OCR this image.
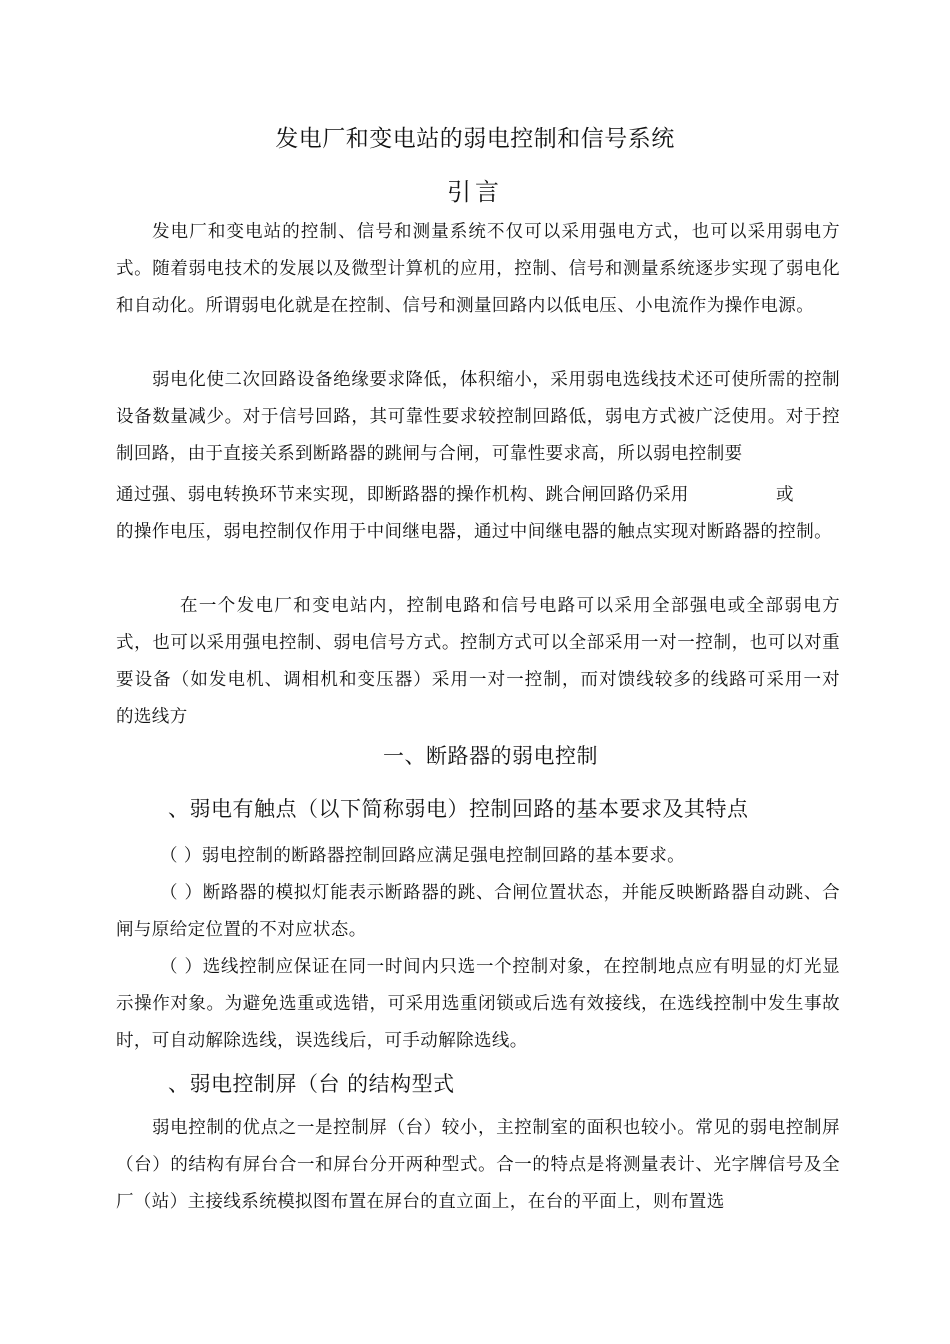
发电厂和变电站的弱电控制和信号系统
引言
发电厂和变电站的控制、信号和测量系统不仅可以采用强电方式，也可以采用弱电方式。随着弱电技术的发展以及微型计算机的应用，控制、信号和测量系统逐步实现了弱电化和自动化。所谓弱电化就是在控制、信号和测量回路内以低电压、小电流作为操作电源。
弱电化使二次回路设备绝缘要求降低，体积缩小，采用弱电选线技术还可使所需的控制设备数量减少。对于信号回路，其可靠性要求较控制回路低，弱电方式被广泛使用。对于控制回路，由于直接关系到断路器的跳闸与合闸，可靠性要求高，所以弱电控制要
通过强、弱电转换环节来实现，即断路器的操作机构、跳合闸回路仍采用	或
的操作电压，弱电控制仅作用于中间继电器，通过中间继电器的触点实现对断路器的控制。
在一个发电厂和变电站内，控制电路和信号电路可以采用全部强电或全部弱电方式，也可以采用强电控制、弱电信号方式。控制方式可以全部采用一对一控制，也可以对重要设备（如发电机、调相机和变压器）采用一对一控制，而对馈线较多的线路可采用一对　的选线方
一、断路器的弱电控制
、弱电有触点（以下简称弱电）控制回路的基本要求及其特点
（ ）弱电控制的断路器控制回路应满足强电控制回路的基本要求。
（ ）断路器的模拟灯能表示断路器的跳、合闸位置状态，并能反映断路器自动跳、合闸与原给定位置的不对应状态。
（ ）选线控制应保证在同一时间内只选一个控制对象，在控制地点应有明显的灯光显示操作对象。为避免选重或选错，可采用选重闭锁或后选有效接线，在选线控制中发生事故时，可自动解除选线，误选线后，可手动解除选线。
、弱电控制屏（台 的结构型式
弱电控制的优点之一是控制屏（台）较小，主控制室的面积也较小。常见的弱电控制屏（台）的结构有屏台合一和屏台分开两种型式。合一的特点是将测量表计、光字牌信号及全厂（站）主接线系统模拟图布置在屏台的直立面上，在台的平面上，则布置选
